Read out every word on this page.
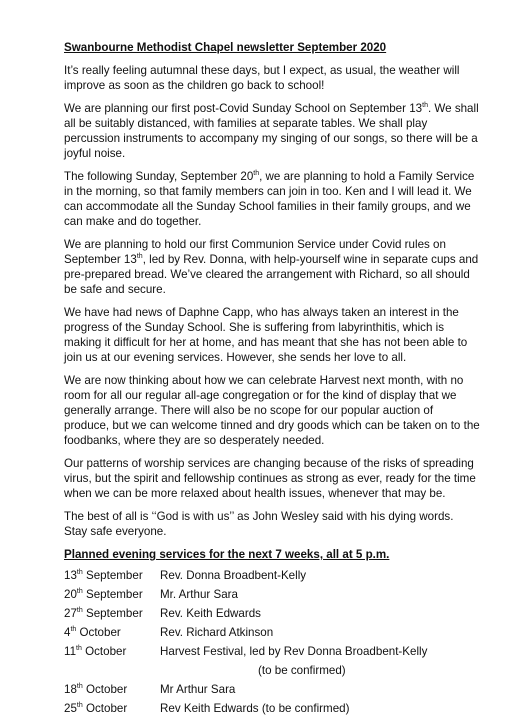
Swanbourne Methodist Chapel newsletter September 2020

It’s really feeling autumnal these days, but I expect, as usual, the weather will improve as soon as the children go back to school!

We are planning our first post-Covid Sunday School on September 13th. We shall all be suitably distanced, with families at separate tables. We shall play percussion instruments to accompany my singing of our songs, so there will be a joyful noise.

The following Sunday, September 20th, we are planning to hold a Family Service in the morning, so that family members can join in too. Ken and I will lead it. We can accommodate all the Sunday School families in their family groups, and we can make and do together.

We are planning to hold our first Communion Service under Covid rules on September 13th, led by Rev. Donna, with help-yourself wine in separate cups and pre-prepared bread. We’ve cleared the arrangement with Richard, so all should be safe and secure.

We have had news of Daphne Capp, who has always taken an interest in the progress of the Sunday School. She is suffering from labyrinthitis, which is making it difficult for her at home, and has meant that she has not been able to join us at our evening services. However, she sends her love to all.

We are now thinking about how we can celebrate Harvest next month, with no room for all our regular all-age congregation or for the kind of display that we generally arrange. There will also be no scope for our popular auction of produce, but we can welcome tinned and dry goods which can be taken on to the foodbanks, where they are so desperately needed.

Our patterns of worship services are changing because of the risks of spreading virus, but the spirit and fellowship continues as strong as ever, ready for the time when we can be more relaxed about health issues, whenever that may be.

The best of all is ‘‘God is with us’’ as John Wesley said with his dying words.
Stay safe everyone.

Planned evening services for the next 7 weeks, all at 5 p.m.
13th September	Rev. Donna Broadbent-Kelly
20th September	Mr. Arthur Sara
27th September	Rev. Keith Edwards
4th October	Rev. Richard Atkinson
11th October	Harvest Festival, led by Rev Donna Broadbent-Kelly
(to be confirmed)
18th October	Mr Arthur Sara
25th October	Rev Keith Edwards (to be confirmed)
